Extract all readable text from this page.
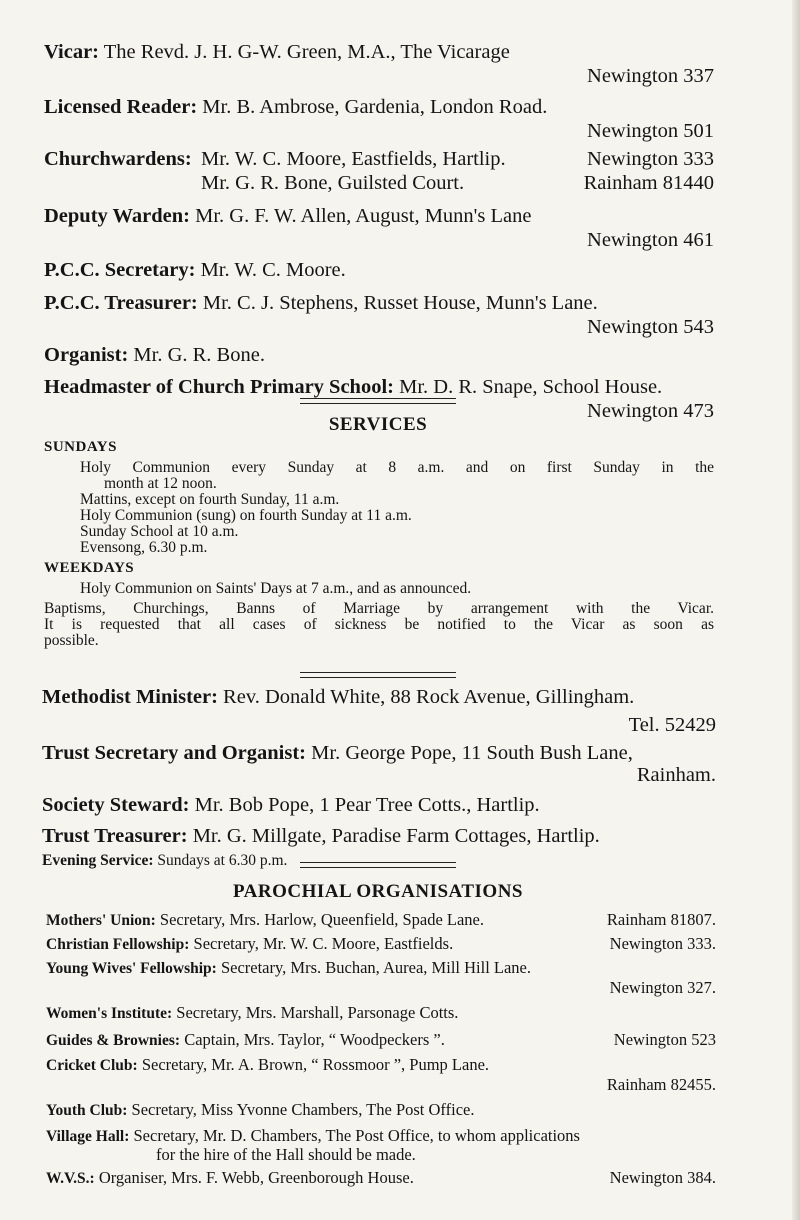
Vicar: The Revd. J. H. G-W. Green, M.A., The Vicarage
Newington 337
Licensed Reader: Mr. B. Ambrose, Gardenia, London Road.
Newington 501
Churchwardens: Mr. W. C. Moore, Eastfields, Hartlip.	Newington 333
Mr. G. R. Bone, Guilsted Court.	Rainham 81440
Deputy Warden: Mr. G. F. W. Allen, August, Munn's Lane
Newington 461
P.C.C. Secretary: Mr. W. C. Moore.
P.C.C. Treasurer: Mr. C. J. Stephens, Russet House, Munn's Lane.
Newington 543
Organist: Mr. G. R. Bone.
Headmaster of Church Primary School: Mr. D. R. Snape, School House.
Newington 473
SERVICES
SUNDAYS
Holy Communion every Sunday at 8 a.m. and on first Sunday in the
month at 12 noon.
Mattins, except on fourth Sunday, 11 a.m.
Holy Communion (sung) on fourth Sunday at 11 a.m.
Sunday School at 10 a.m.
Evensong, 6.30 p.m.
WEEKDAYS
Holy Communion on Saints' Days at 7 a.m., and as announced.
Baptisms, Churchings, Banns of Marriage by arrangement with the Vicar.
It is requested that all cases of sickness be notified to the Vicar as soon as
possible.
Methodist Minister: Rev. Donald White, 88 Rock Avenue, Gillingham.
Tel. 52429
Trust Secretary and Organist: Mr. George Pope, 11 South Bush Lane,
Rainham.
Society Steward: Mr. Bob Pope, 1 Pear Tree Cotts., Hartlip.
Trust Treasurer: Mr. G. Millgate, Paradise Farm Cottages, Hartlip.
Evening Service: Sundays at 6.30 p.m.
PAROCHIAL ORGANISATIONS
Mothers' Union: Secretary, Mrs. Harlow, Queenfield, Spade Lane.	Rainham 81807.
Christian Fellowship: Secretary, Mr. W. C. Moore, Eastfields.	Newington 333.
Young Wives' Fellowship: Secretary, Mrs. Buchan, Aurea, Mill Hill Lane.
Newington 327.
Women's Institute: Secretary, Mrs. Marshall, Parsonage Cotts.
Guides & Brownies: Captain, Mrs. Taylor, “ Woodpeckers ”.	Newington 523
Cricket Club: Secretary, Mr. A. Brown, “ Rossmoor ”, Pump Lane.
Rainham 82455.
Youth Club: Secretary, Miss Yvonne Chambers, The Post Office.
Village Hall: Secretary, Mr. D. Chambers, The Post Office, to whom applications
for the hire of the Hall should be made.
W.V.S.: Organiser, Mrs. F. Webb, Greenborough House.	Newington 384.
